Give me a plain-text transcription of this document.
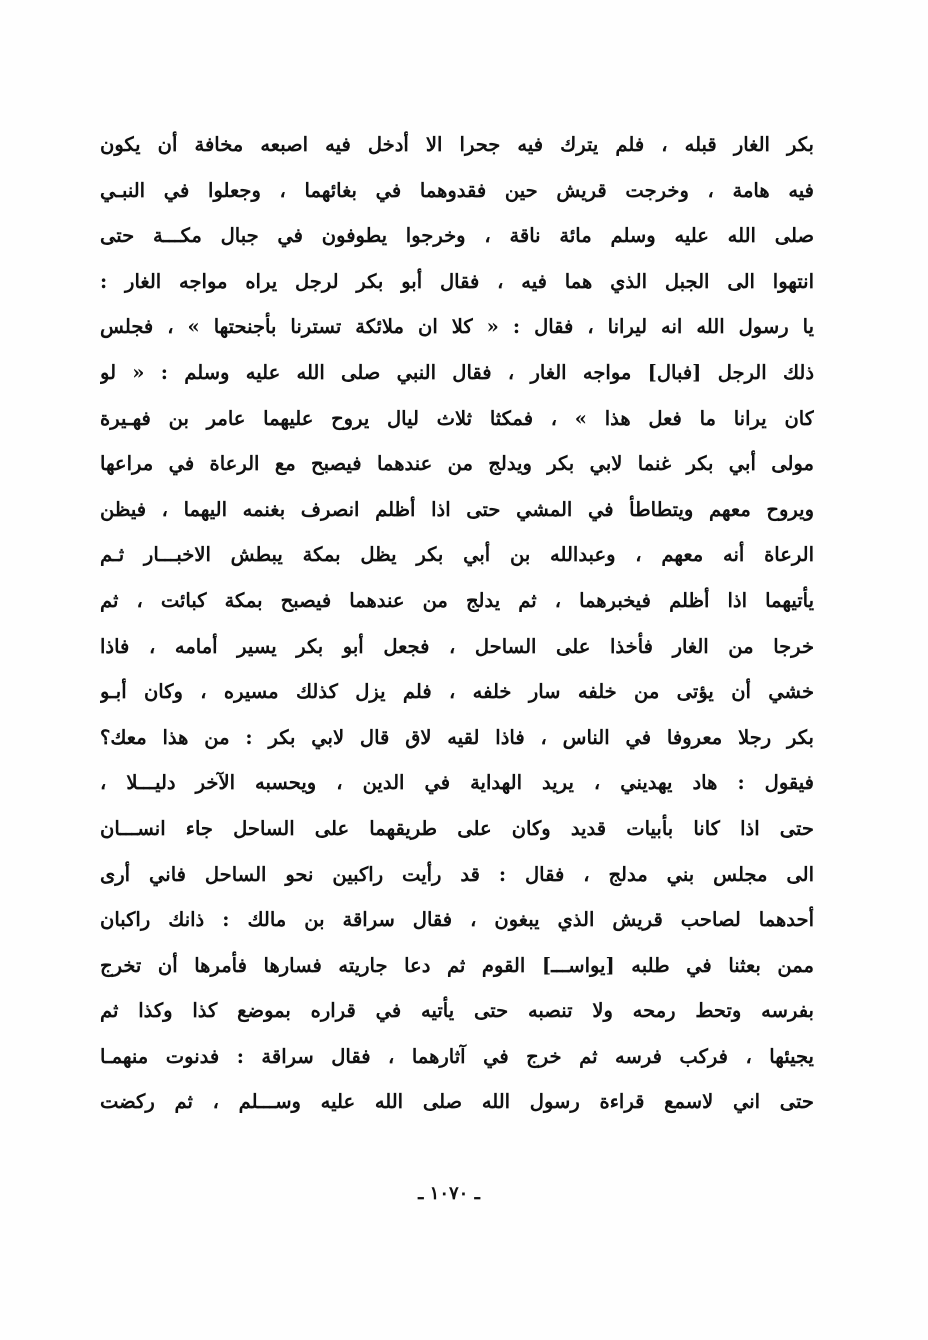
بكر الغار قبله ، فلم يترك فيه جحرا الا أدخل فيه اصبعه مخافة أن يكون
فيه هامة ، وخرجت قريش حين فقدوهما في بغائهما ، وجعلوا في النبـي
صلى الله عليه وسلم مائة ناقة ، وخرجوا يطوفون في جبال مكـــة حتى
انتهوا الى الجبل الذي هما فيه ، فقال أبو بكر لرجل يراه مواجه الغار :
يا رسول الله انه ليرانا ، فقال : « كلا ان ملائكة تسترنا بأجنحتها » ، فجلس
ذلك الرجل [فبال] مواجه الغار ، فقال النبي صلى الله عليه وسلم : « لو
كان يرانا ما فعل هذا » ، فمكثا ثلاث ليال يروح عليهما عامر بن فهـيرة
مولى أبي بكر غنما لابي بكر ويدلج من عندهما فيصبح مع الرعاة في مراعها
ويروح معهم ويتطاطأ في المشي حتى اذا أظلم انصرف بغنمه اليهما ، فيظن
الرعاة أنه معهم ، وعبدالله بن أبي بكر يظل بمكة يبطش الاخبـــار ثـم
يأتيهما اذا أظلم فيخبرهما ، ثم يدلج من عندهما فيصبح بمكة كبائت ، ثم
خرجا من الغار فأخذا على الساحل ، فجعل أبو بكر يسير أمامه ، فاذا
خشي أن يؤتى من خلفه سار خلفه ، فلم يزل كذلك مسيره ، وكان أبـو
بكر رجلا معروفا في الناس ، فاذا لقيه لاق قال لابي بكر : من هذا معك؟
فيقول : هاد يهديني ، يريد الهداية في الدين ، ويحسبه الآخر دليـــلا ،
حتى اذا كانا بأبيات قديد وكان على طريقهما على الساحل جاء انســـان
الى مجلس بني مدلج ، فقال : قد رأيت راكبين نحو الساحل فاني أرى
أحدهما لصاحب قريش الذي يبغون ، فقال سراقة بن مالك : ذانك راكبان
ممن بعثنا في طلبه [يواســـ] القوم ثم دعا جاريته فسارها فأمرها أن تخرج
بفرسه وتحط رمحه ولا تنصبه حتى يأتيه في قراره بموضع كذا وكذا ثم
يجيئها ، فركب فرسه ثم خرج في آثارهما ، فقال سراقة : فدنوت منهمـا
حتى اني لاسمع قراءة رسول الله صلى الله عليه وســـلم ، ثم ركضت
ـ ١٠٧٠ ـ
